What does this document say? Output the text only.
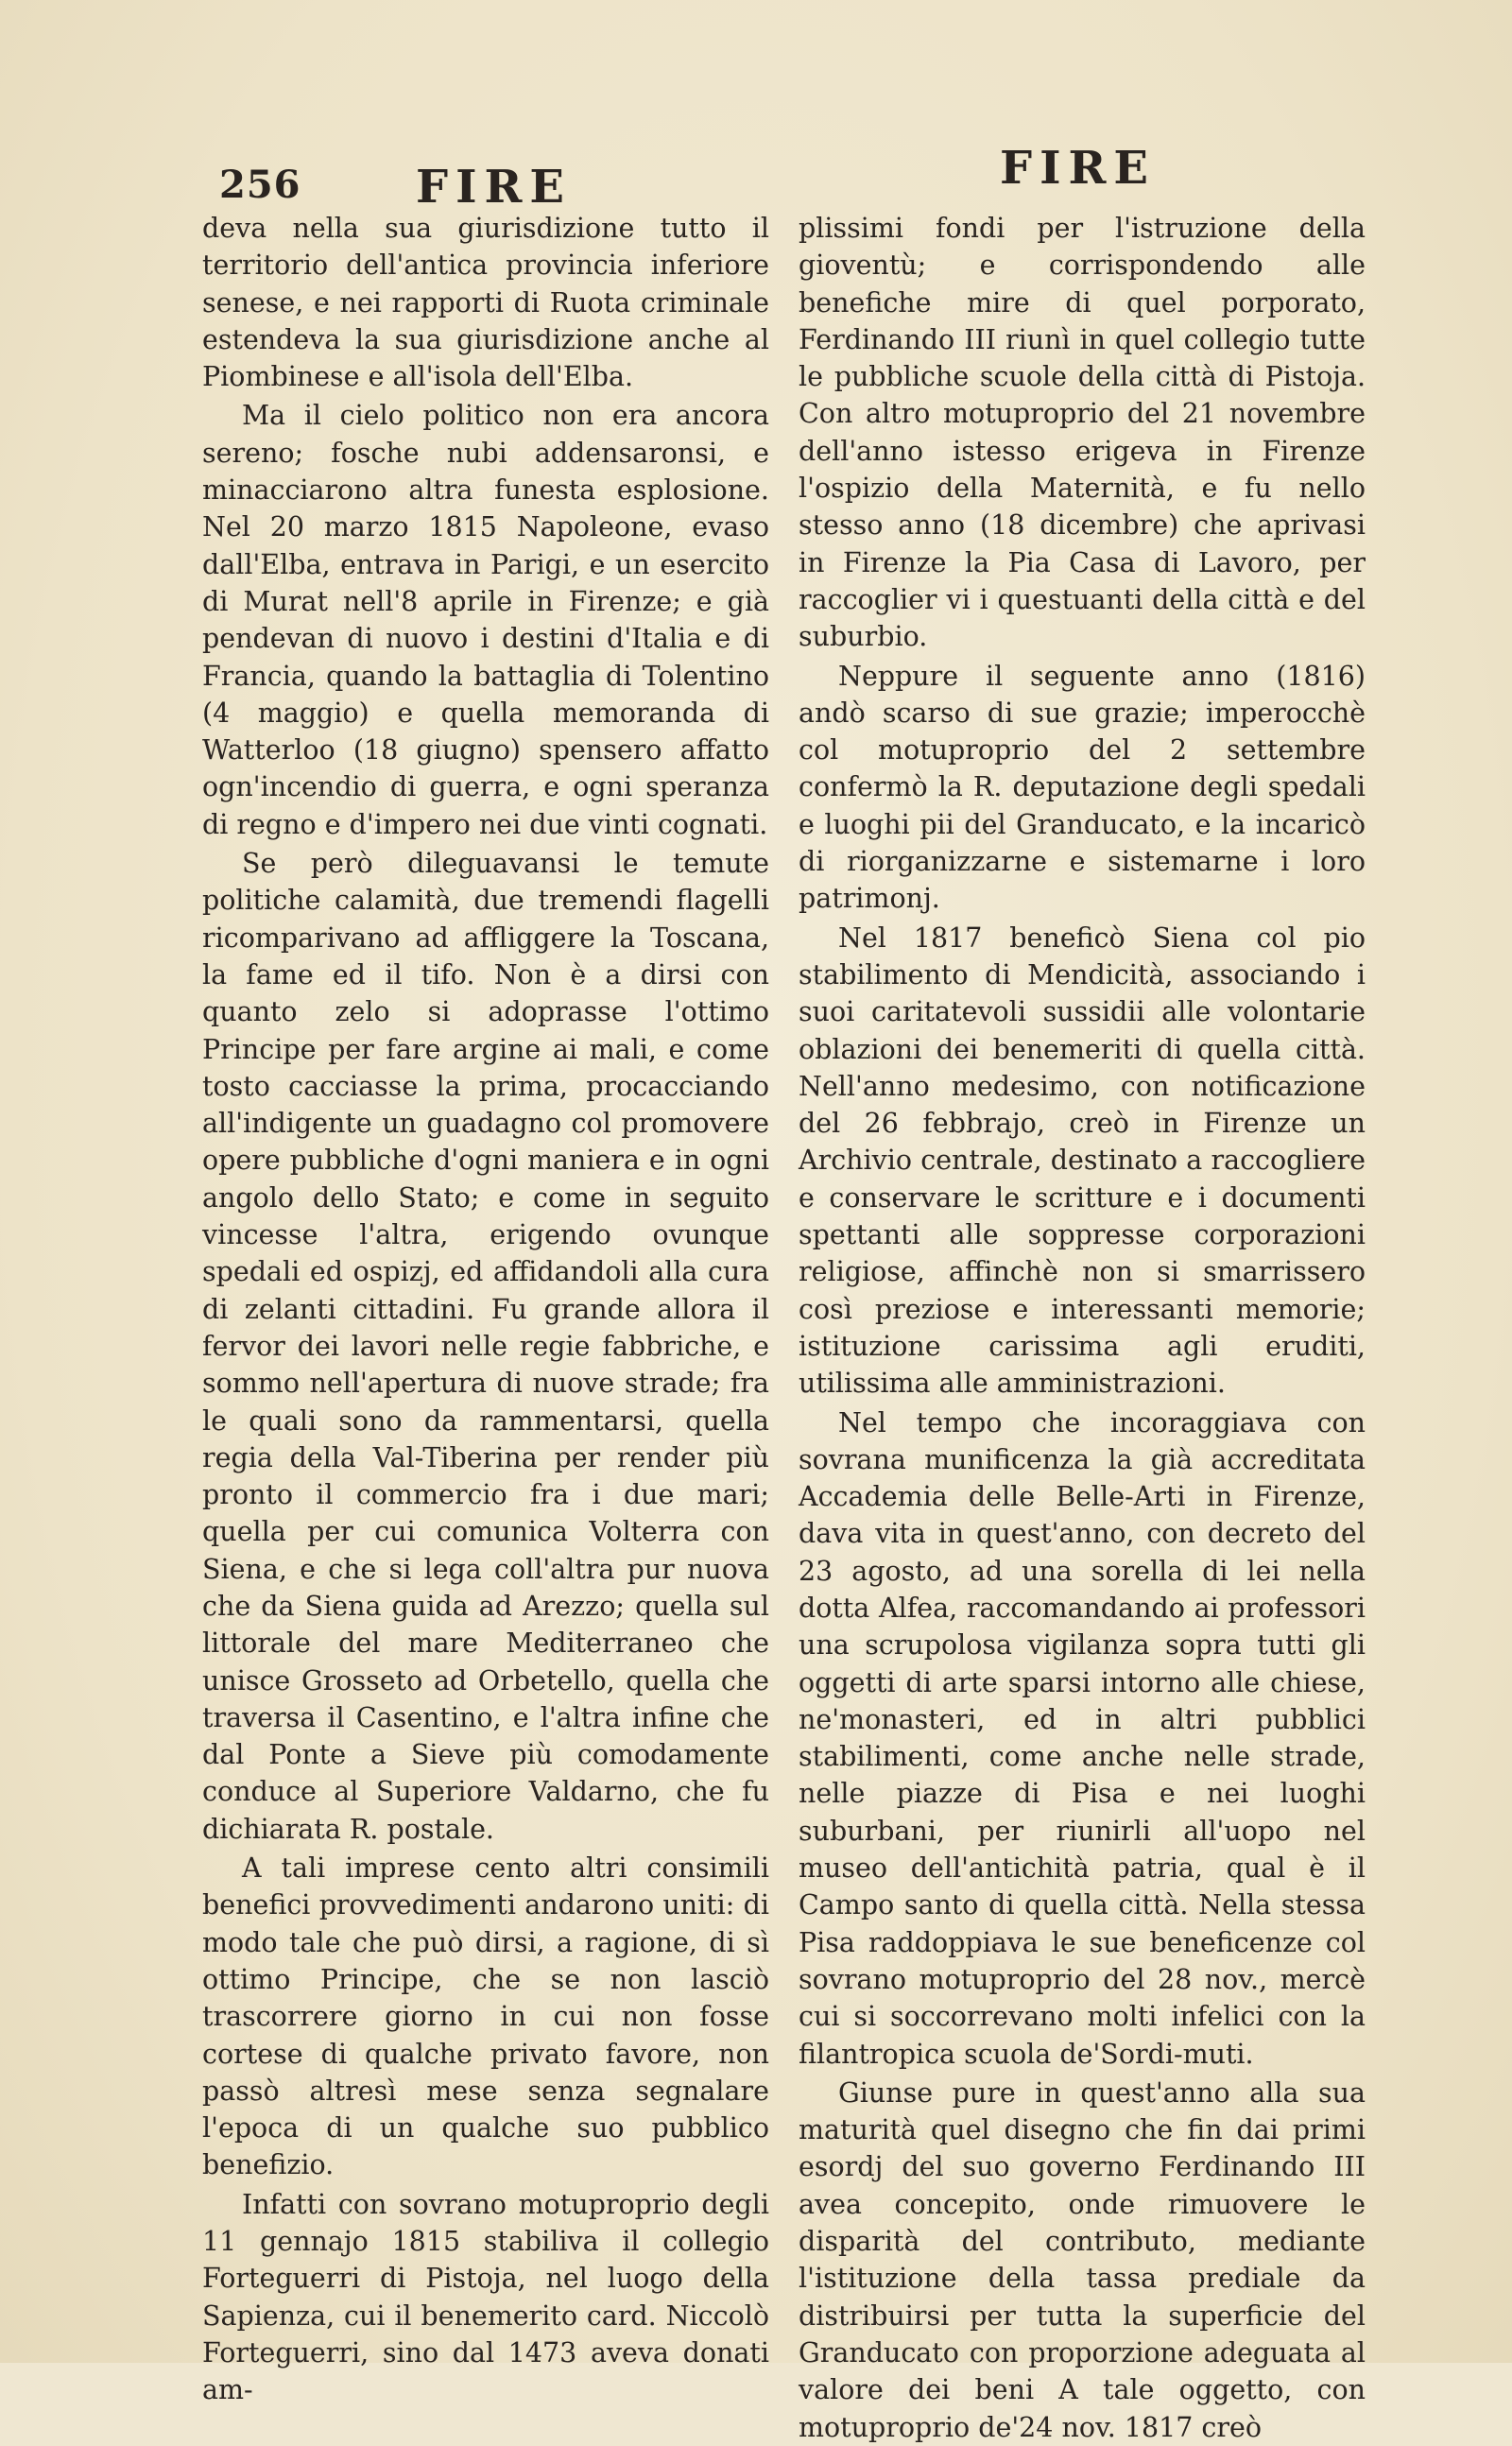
256	FIRE	FIRE

deva nella sua giurisdizione tutto il territorio dell'antica provincia inferiore senese, e nei rapporti di Ruota criminale estendeva la sua giurisdizione anche al Piombinese e all'isola dell'Elba.

Ma il cielo politico non era ancora sereno; fosche nubi addensaronsi, e minacciarono altra funesta esplosione. Nel 20 marzo 1815 Napoleone, evaso dall'Elba, entrava in Parigi, e un esercito di Murat nell'8 aprile in Firenze; e già pendevan di nuovo i destini d'Italia e di Francia, quando la battaglia di Tolentino (4 maggio) e quella memoranda di Watterloo (18 giugno) spensero affatto ogn'incendio di guerra, e ogni speranza di regno e d'impero nei due vinti cognati.

Se però dileguavansi le temute politiche calamità, due tremendi flagelli ricomparivano ad affliggere la Toscana, la fame ed il tifo. Non è a dirsi con quanto zelo si adoprasse l'ottimo Principe per fare argine ai mali, e come tosto cacciasse la prima, procacciando all'indigente un guadagno col promovere opere pubbliche d'ogni maniera e in ogni angolo dello Stato; e come in seguito vincesse l'altra, erigendo ovunque spedali ed ospizj, ed affidandoli alla cura di zelanti cittadini. Fu grande allora il fervor dei lavori nelle regie fabbriche, e sommo nell'apertura di nuove strade; fra le quali sono da rammentarsi, quella regia della Val-Tiberina per render più pronto il commercio fra i due mari; quella per cui comunica Volterra con Siena, e che si lega coll'altra pur nuova che da Siena guida ad Arezzo; quella sul littorale del mare Mediterraneo che unisce Grosseto ad Orbetello, quella che traversa il Casentino, e l'altra infine che dal Ponte a Sieve più comodamente conduce al Superiore Valdarno, che fu dichiarata R. postale.

A tali imprese cento altri consimili benefici provvedimenti andarono uniti: di modo tale che può dirsi, a ragione, di sì ottimo Principe, che se non lasciò trascorrere giorno in cui non fosse cortese di qualche privato favore, non passò altresì mese senza segnalare l'epoca di un qualche suo pubblico benefizio.

Infatti con sovrano motuproprio degli 11 gennajo 1815 stabiliva il collegio Forteguerri di Pistoja, nel luogo della Sapienza, cui il benemerito card. Niccolò Forteguerri, sino dal 1473 aveva donati am-

plissimi fondi per l'istruzione della gioventù; e corrispondendo alle benefiche mire di quel porporato, Ferdinando III riunì in quel collegio tutte le pubbliche scuole della città di Pistoja. Con altro motuproprio del 21 novembre dell'anno istesso erigeva in Firenze l'ospizio della Maternità, e fu nello stesso anno (18 dicembre) che aprivasi in Firenze la Pia Casa di Lavoro, per raccoglier vi i questuanti della città e del suburbio.

Neppure il seguente anno (1816) andò scarso di sue grazie; imperocchè col motuproprio del 2 settembre confermò la R. deputazione degli spedali e luoghi pii del Granducato, e la incaricò di riorganizzarne e sistemarne i loro patrimonj.

Nel 1817 beneficò Siena col pio stabilimento di Mendicità, associando i suoi caritatevoli sussidii alle volontarie oblazioni dei benemeriti di quella città. Nell'anno medesimo, con notificazione del 26 febbrajo, creò in Firenze un Archivio centrale, destinato a raccogliere e conservare le scritture e i documenti spettanti alle soppresse corporazioni religiose, affinchè non si smarrissero così preziose e interessanti memorie; istituzione carissima agli eruditi, utilissima alle amministrazioni.

Nel tempo che incoraggiava con sovrana munificenza la già accreditata Accademia delle Belle-Arti in Firenze, dava vita in quest'anno, con decreto del 23 agosto, ad una sorella di lei nella dotta Alfea, raccomandando ai professori una scrupolosa vigilanza sopra tutti gli oggetti di arte sparsi intorno alle chiese, ne'monasteri, ed in altri pubblici stabilimenti, come anche nelle strade, nelle piazze di Pisa e nei luoghi suburbani, per riunirli all'uopo nel museo dell'antichità patria, qual è il Campo santo di quella città. Nella stessa Pisa raddoppiava le sue beneficenze col sovrano motuproprio del 28 nov., mercè cui si soccorrevano molti infelici con la filantropica scuola de'Sordi-muti.

Giunse pure in quest'anno alla sua maturità quel disegno che fin dai primi esordj del suo governo Ferdinando III avea concepito, onde rimuovere le disparità del contributo, mediante l'istituzione della tassa prediale da distribuirsi per tutta la superficie del Granducato con proporzione adeguata al valore dei beni A tale oggetto, con motuproprio de'24 nov. 1817 creò
